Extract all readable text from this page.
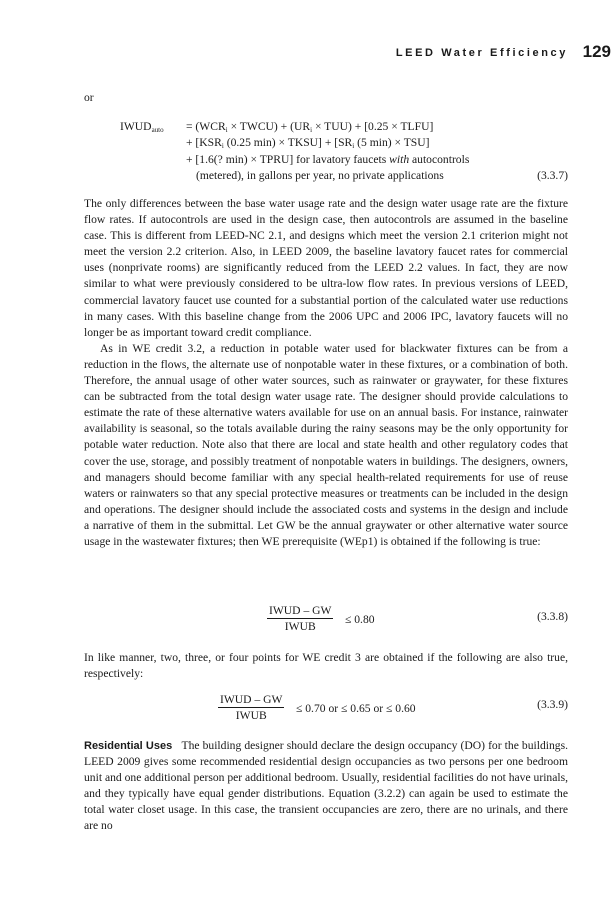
LEED Water Efficiency 129
or
$IWUD_{auto} = (WCR_i$ × TWCU) + $(UR_i \times TUU) + [0.25$ × TLFU]
+ [$KSR_i$ (0.25 min) × TKSU] + [$SR_i$ (5 min) × TSU]
+ [1.6(? min) × TPRU] for lavatory faucets with autocontrols
(metered), in gallons per year, no private applications	(3.3.7)

The only differences between the base water usage rate and the design water usage rate are the fixture flow rates. If autocontrols are used in the design case, then autocontrols are assumed in the baseline case. This is different from LEED-NC 2.1, and designs which meet the version 2.1 criterion might not meet the version 2.2 criterion. Also, in LEED 2009, the baseline lavatory faucet rates for commercial uses (nonprivate rooms) are significantly reduced from the LEED 2.2 values. In fact, they are now similar to what were previously considered to be ultra-low flow rates. In previous versions of LEED, commercial lavatory faucet use counted for a substantial portion of the calculated water use reductions in many cases. With this baseline change from the 2006 UPC and 2006 IPC, lavatory faucets will no longer be as important toward credit compliance.

As in WE credit 3.2, a reduction in potable water used for blackwater fixtures can be from a reduction in the flows, the alternate use of nonpotable water in these fixtures, or a combination of both. Therefore, the annual usage of other water sources, such as rainwater or graywater, for these fixtures can be subtracted from the total design water usage rate. The designer should provide calculations to estimate the rate of these alternative waters available for use on an annual basis. For instance, rainwater availability is seasonal, so the totals available during the rainy seasons may be the only opportunity for potable water reduction. Note also that there are local and state health and other regulatory codes that cover the use, storage, and possibly treatment of nonpotable waters in buildings. The designers, owners, and managers should become familiar with any special health-related requirements for use of reuse waters or rainwaters so that any special protective measures or treatments can be included in the design and operations. The designer should include the associated costs and systems in the design and include a narrative of them in the submittal. Let GW be the annual graywater or other alternative water source usage in the wastewater fixtures; then WE prerequisite (WEp1) is obtained if the following is true:

IWUD – GW
IWUB
≤ 0.80	(3.3.8)
In like manner, two, three, or four points for WE credit 3 are obtained if the following are also true, respectively:
IWUD – GW
IWUB
≤ 0.70 or ≤ 0.65 or ≤ 0.60	(3.3.9)

Residential Uses The building designer should declare the design occupancy (DO) for the buildings. LEED 2009 gives some recommended residential design occupancies as two persons per one bedroom unit and one additional person per additional bedroom. Usually, residential facilities do not have urinals, and they typically have equal gender distributions. Equation (3.2.2) can again be used to estimate the total water closet usage. In this case, the transient occupancies are zero, there are no urinals, and there are no
